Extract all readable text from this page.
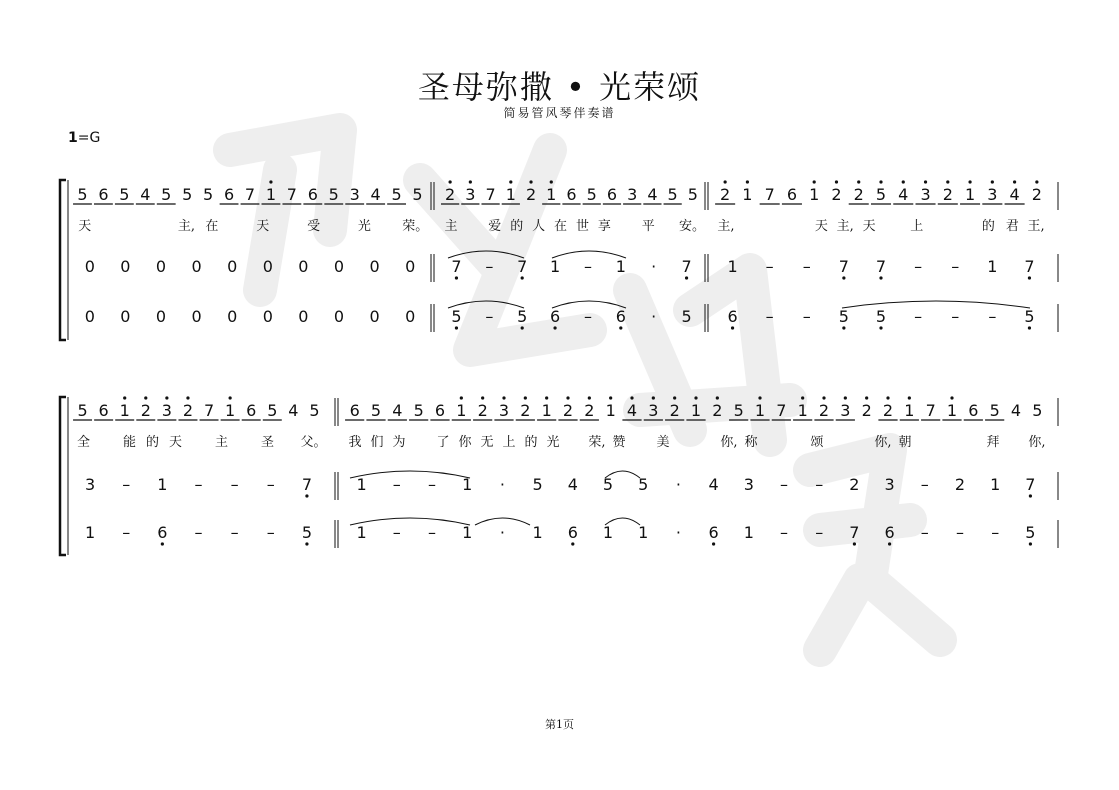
圣母弥撒 • 光荣颂
简易管风琴伴奏谱
1=G
5 6 5 4 5 5 5 6 7 1 7 6 5 3 4 5 5 2 3 7 1 2 1 6 5 6 3 4 5 5 2 1 7 6 1 2 2 5 4 3 2 1 3 4 2
天	主, 在	天	受	光 荣。 主 爱 的 人 在 世 享 平 安。 主,	天 主, 天	上	的 君 王,
0 0 0 0 0 0 0 0 0 0 7 – 7 1 – 1 · 7 1 – – 7 7 – – 1 7
0 0 0 0 0 0 0 0 0 0 5 – 5 6 – 6 · 5 6 – – 5 5 – – – 5
5 6 1 2 3 2 7 1 6 5 4 5 6 5 4 5 6 1 2 3 2 1 2 2 1 4 3 2 1 2 5 1 7 1 2 3 2 2 1 7 1 6 5 4 5
全	能 的 天	主	圣 父。 我 们 为 了 你 无 上 的 光 荣, 赞 美	你, 称	颂	你, 朝	拜 你,
3 – 1 – – – 7	1 – – 1 · 5 4 5 5 · 4 3 – – 2 3 – 2 1 7
1 – 6 – – – 5	1 – – 1 · 1 6 1 1 · 6 1 – – 7 6 – – – 5
第1页
